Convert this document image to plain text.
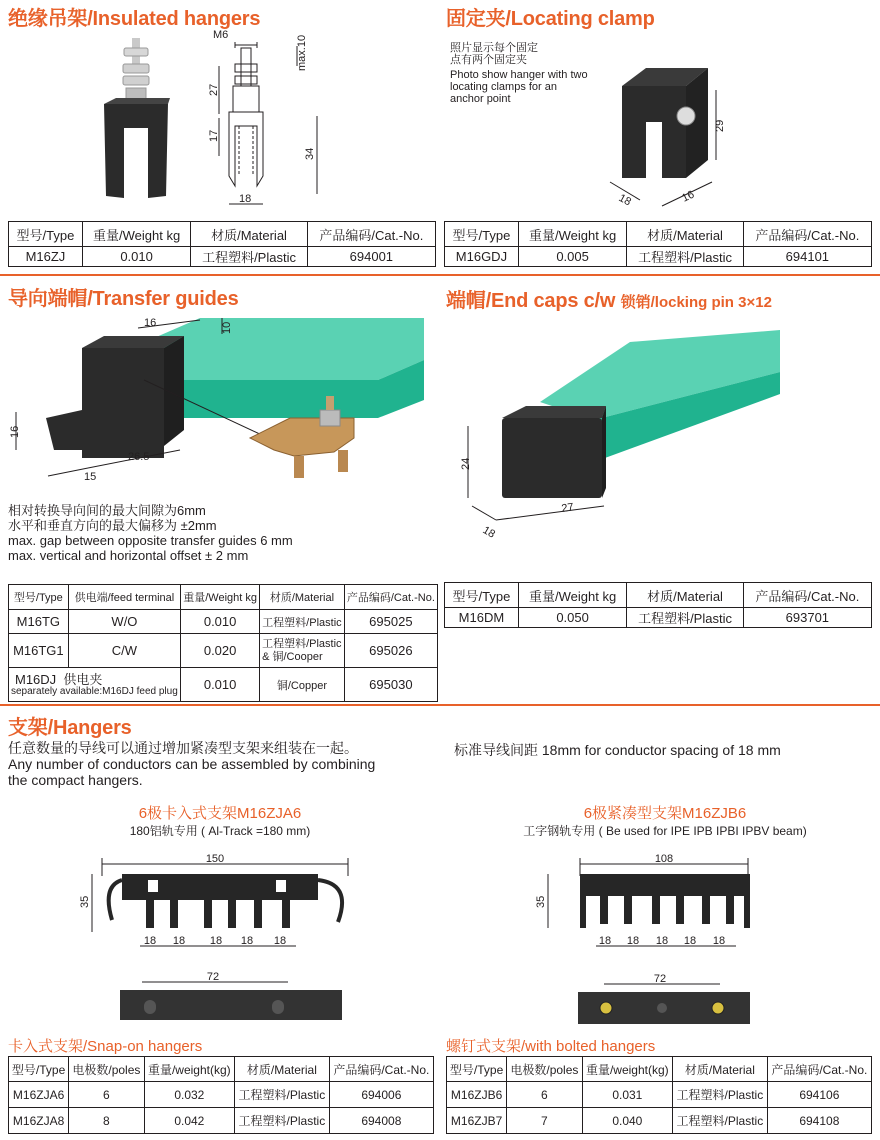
绝缘吊架/Insulated hangers
M6	max.10
27
17
34
18
型号/Type	重量/Weight kg	材质/Material	产品编码/Cat.-No.
M16ZJ	0.010	工程塑料/Plastic	694001
固定夹/Locating clamp
照片显示每个固定
点有两个固定夹
Photo show hanger with two
locating clamps for an
anchor point
29
18	16
型号/Type	重量/Weight kg	材质/Material	产品编码/Cat.-No.
M16GDJ	0.005	工程塑料/Plastic	694101
导向端帽/Transfer guides
16	10
16
15
26.5
相对转换导向间的最大间隙为6mm
水平和垂直方向的最大偏移为 ±2mm
max. gap between opposite transfer guides 6 mm
max. vertical and horizontal offset ± 2 mm
型号/Type	供电端/feed terminal	重量/Weight kg	材质/Material	产品编码/Cat.-No.
M16TG	W/O	0.010	工程塑料/Plastic	695025
M16TG1	C/W	0.020	工程塑料/Plastic
& 铜/Cooper	695026

M16DJ 供电夹
separately available:M16DJ feed plug		0.010	铜/Copper	695030
端帽/End caps c/w 锁销/locking pin 3×12
24
27
18
型号/Type	重量/Weight kg	材质/Material	产品编码/Cat.-No.
M16DM	0.050	工程塑料/Plastic	693701
支架/Hangers
任意数量的导线可以通过增加紧凑型支架来组装在一起。
Any number of conductors can be assembled by combining
the compact hangers.
标准导线间距 18mm for conductor spacing of 18 mm
6极卡入式支架M16ZJA6
180铝轨专用 ( Al-Track =180 mm)
150
35
18 18 18 18 18
72
6极紧凑型支架M16ZJB6
工字钢轨专用 ( Be used for IPE IPB IPBI IPBV beam)
108
35
18 18 18 18 18
72
卡入式支架/Snap-on hangers
型号/Type	电极数/poles	重量/weight(kg)	材质/Material	产品编码/Cat.-No.
M16ZJA6	6	0.032	工程塑料/Plastic	694006
M16ZJA8	8	0.042	工程塑料/Plastic	694008
螺钉式支架/with bolted hangers
型号/Type	电极数/poles	重量/weight(kg)	材质/Material	产品编码/Cat.-No.
M16ZJB6	6	0.031	工程塑料/Plastic	694106
M16ZJB7	7	0.040	工程塑料/Plastic	694108
